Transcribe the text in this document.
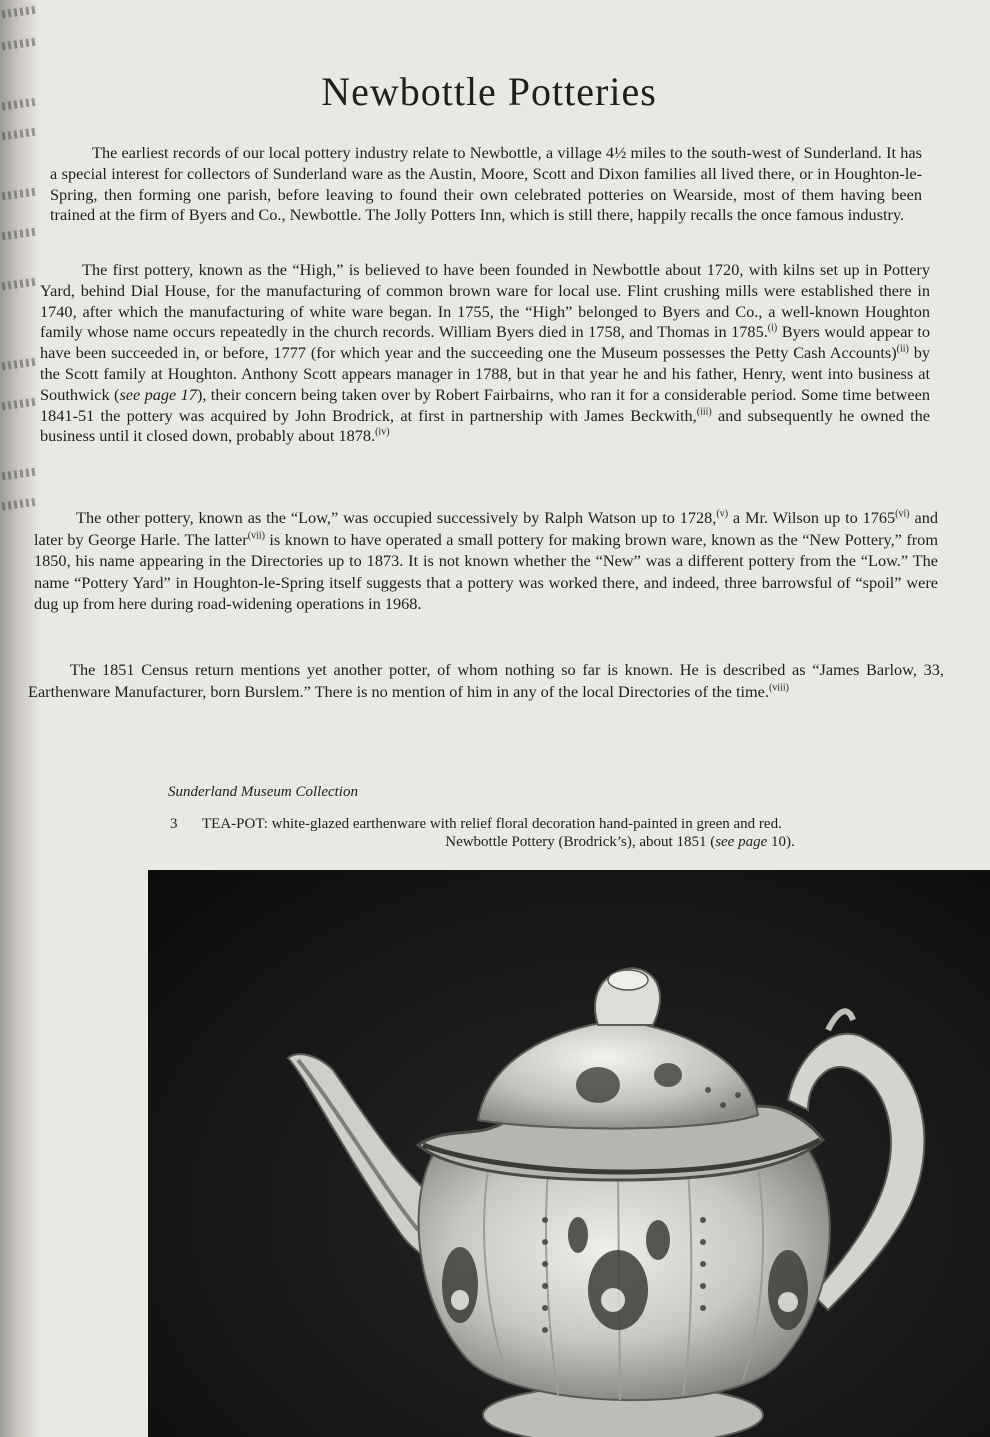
Newbottle Potteries

The earliest records of our local pottery industry relate to Newbottle, a village 4½ miles to the south-west of Sunderland. It has a special interest for collectors of Sunderland ware as the Austin, Moore, Scott and Dixon families all lived there, or in Houghton-le-Spring, then forming one parish, before leaving to found their own celebrated potteries on Wearside, most of them having been trained at the firm of Byers and Co., Newbottle. The Jolly Potters Inn, which is still there, happily recalls the once famous industry.

The first pottery, known as the “High,” is believed to have been founded in Newbottle about 1720, with kilns set up in Pottery Yard, behind Dial House, for the manufacturing of common brown ware for local use. Flint crushing mills were established there in 1740, after which the manufacturing of white ware began. In 1755, the “High” belonged to Byers and Co., a well-known Houghton family whose name occurs repeatedly in the church records. William Byers died in 1758, and Thomas in 1785.$^{(i)}$ Byers would appear to have been succeeded in, or before, 1777 (for which year and the succeeding one the Museum possesses the Petty Cash Accounts)$^{(ii)}$ by the Scott family at Houghton. Anthony Scott appears manager in 1788, but in that year he and his father, Henry, went into business at Southwick (see page 17), their concern being taken over by Robert Fairbairns, who ran it for a considerable period. Some time between 1841-51 the pottery was acquired by John Brodrick, at first in partnership with James Beckwith,$^{(iii)}$ and subsequently he owned the business until it closed down, probably about 1878.$^{(iv)}$

The other pottery, known as the “Low,” was occupied successively by Ralph Watson up to 1728,$^{(v)}$ a Mr. Wilson up to 1765$^{(vi)}$ and later by George Harle. The latter$^{(vii)}$ is known to have operated a small pottery for making brown ware, known as the “New Pottery,” from 1850, his name appearing in the Directories up to 1873. It is not known whether the “New” was a different pottery from the “Low.” The name “Pottery Yard” in Houghton-le-Spring itself suggests that a pottery was worked there, and indeed, three barrowsful of “spoil” were dug up from here during road-widening operations in 1968.

The 1851 Census return mentions yet another potter, of whom nothing so far is known. He is described as “James Barlow, 33, Earthenware Manufacturer, born Burslem.” There is no mention of him in any of the local Directories of the time.$^{(viii)}$

Sunderland Museum Collection

3 TEA-POT: white-glazed earthenware with relief floral decoration hand-painted in green and red.
Newbottle Pottery (Brodrick’s), about 1851 (see page 10).
